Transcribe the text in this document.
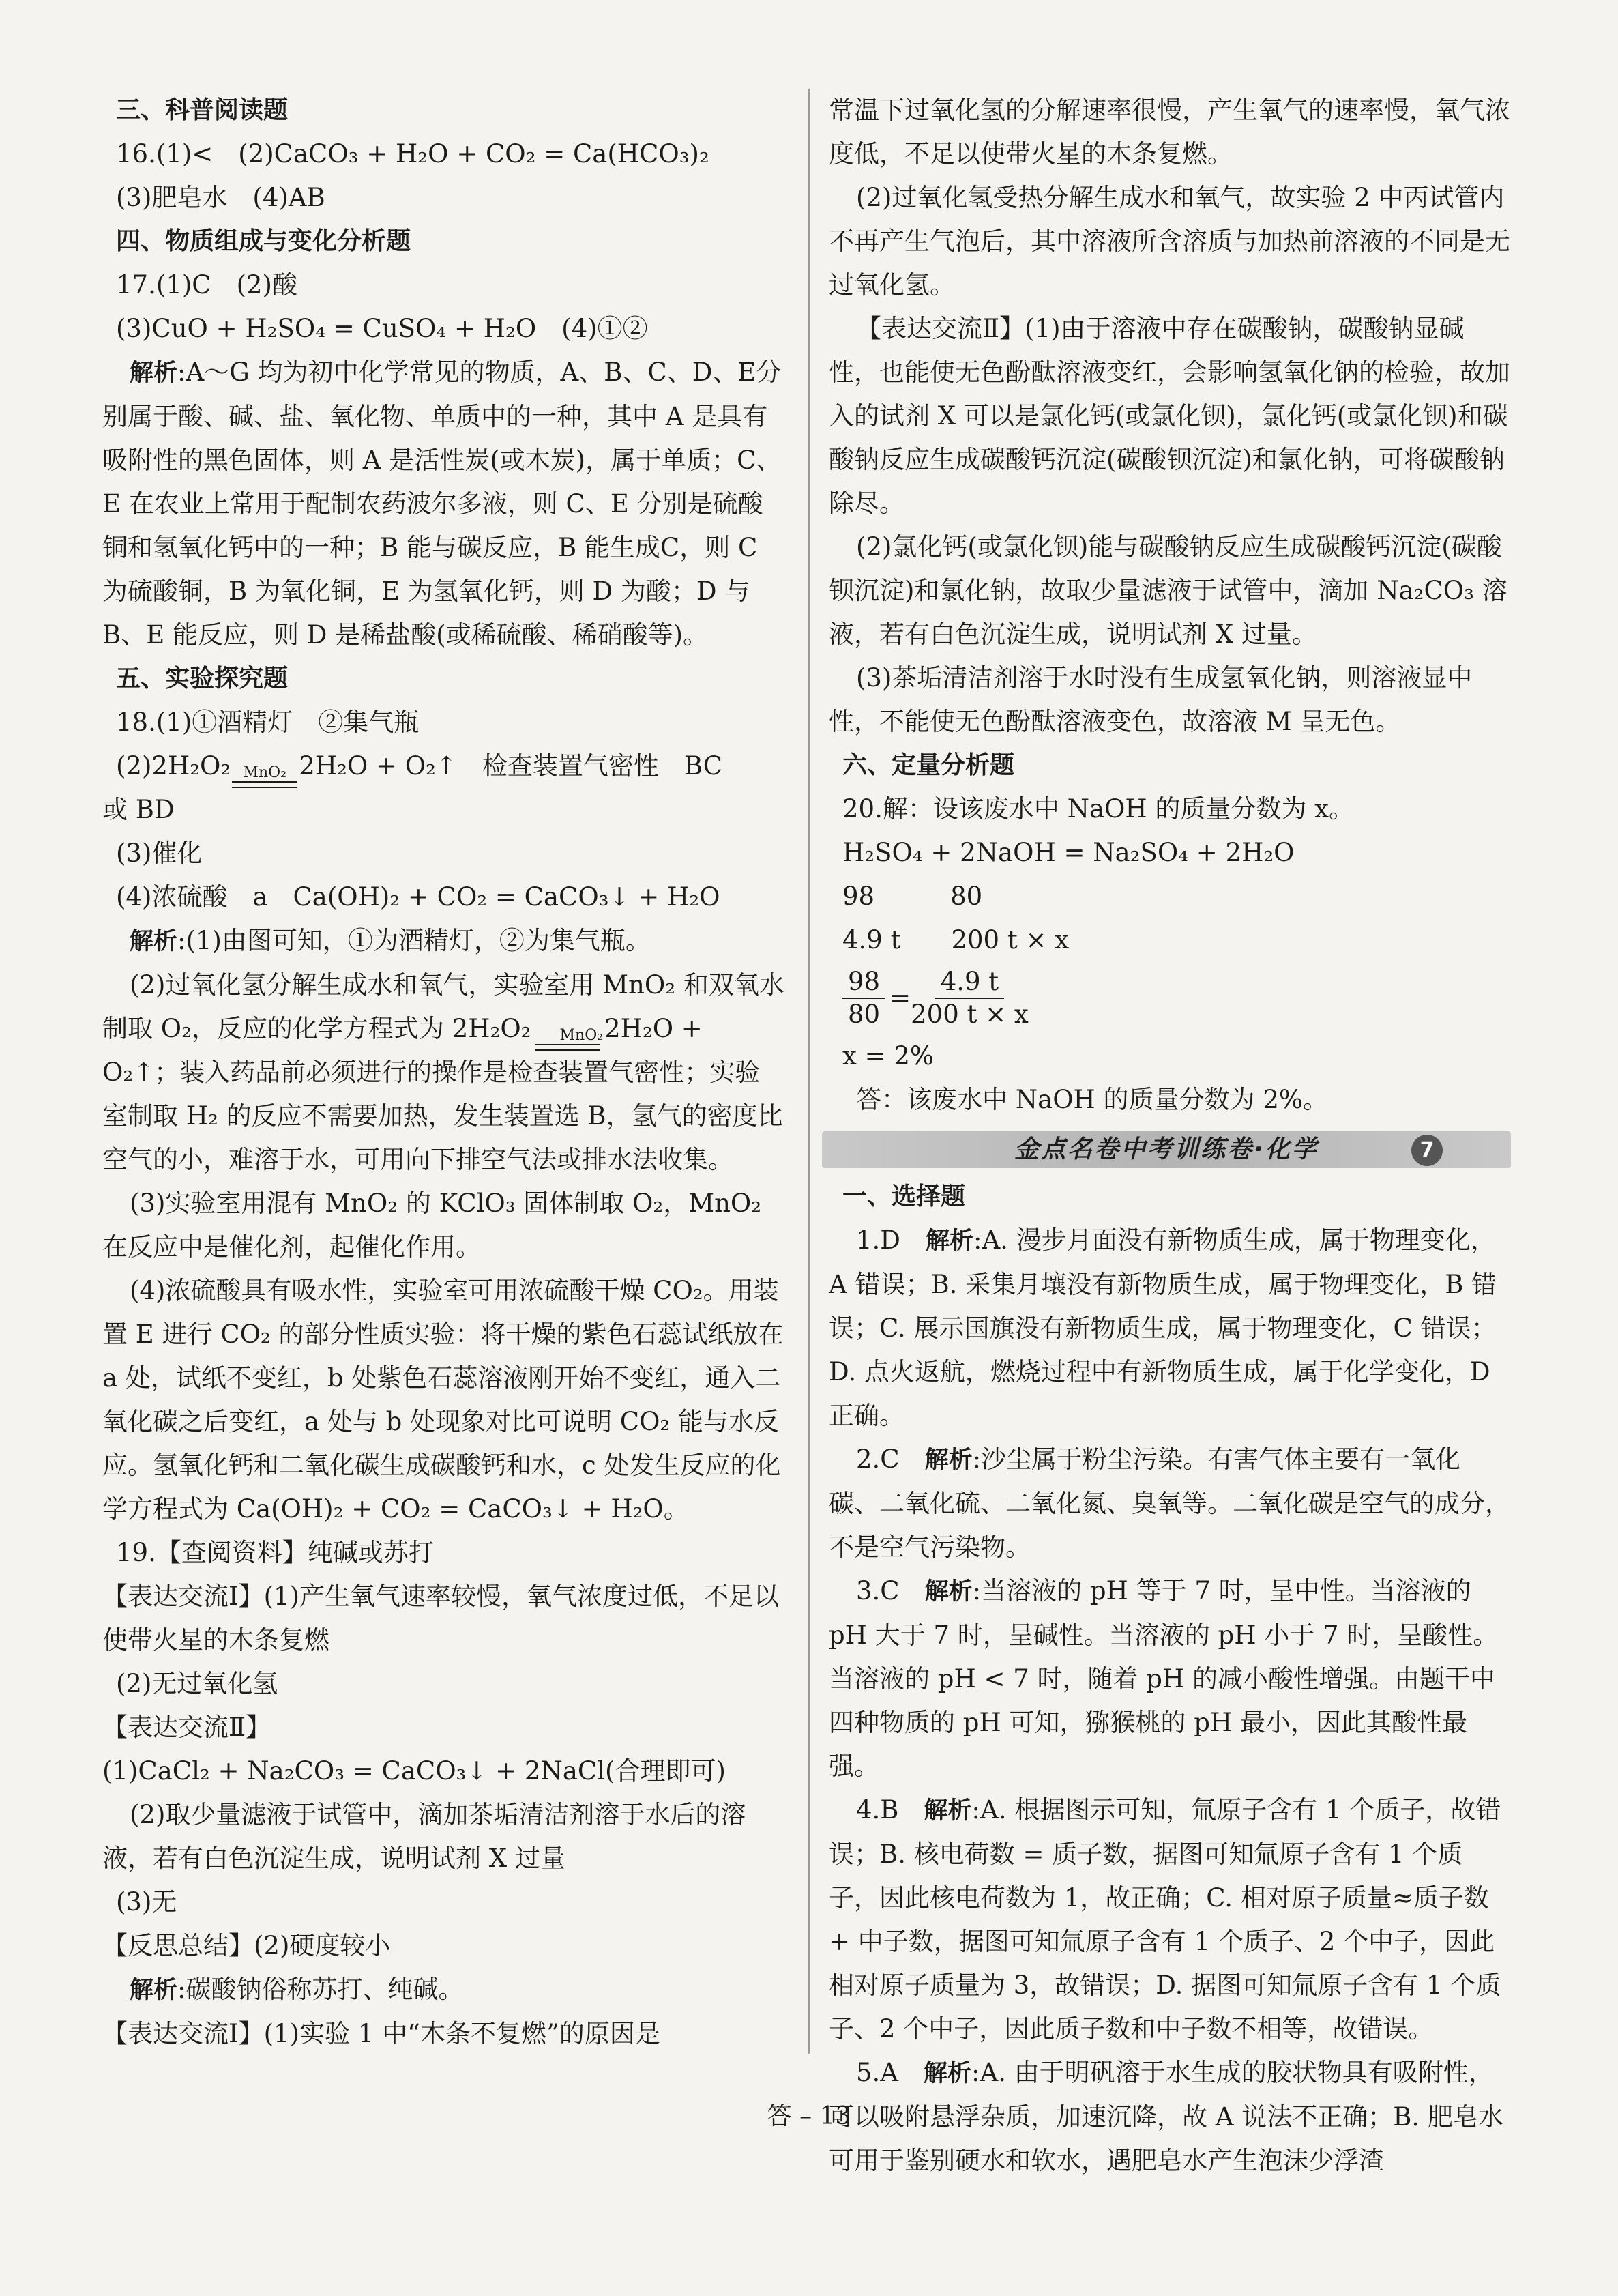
三、科普阅读题

16.(1)<　(2)CaCO₃ + H₂O + CO₂ = Ca(HCO₃)₂

(3)肥皂水　(4)AB

四、物质组成与变化分析题

17.(1)C　(2)酸

(3)CuO + H₂SO₄ = CuSO₄ + H₂O　(4)①②

解析:A～G 均为初中化学常见的物质，A、B、C、D、E分别属于酸、碱、盐、氧化物、单质中的一种，其中 A 是具有吸附性的黑色固体，则 A 是活性炭(或木炭)，属于单质；C、E 在农业上常用于配制农药波尔多液，则 C、E 分别是硫酸铜和氢氧化钙中的一种；B 能与碳反应，B 能生成C，则 C 为硫酸铜，B 为氧化铜，E 为氢氧化钙，则 D 为酸；D 与 B、E 能反应，则 D 是稀盐酸(或稀硫酸、稀硝酸等)。

五、实验探究题

18.(1)①酒精灯　②集气瓶

(2)2H₂O₂ MnO₂ 2H₂O + O₂↑　检查装置气密性　BC

或 BD

(3)催化

(4)浓硫酸　a　Ca(OH)₂ + CO₂ = CaCO₃↓ + H₂O

解析:(1)由图可知，①为酒精灯，②为集气瓶。

(2)过氧化氢分解生成水和氧气，实验室用 MnO₂ 和双氧水制取 O₂，反应的化学方程式为 2H₂O₂	MnO₂ 2H₂O + O₂↑；装入药品前必须进行的操作是检查装置气密性；实验室制取 H₂ 的反应不需要加热，发生装置选 B，氢气的密度比空气的小，难溶于水，可用向下排空气法或排水法收集。

(3)实验室用混有 MnO₂ 的 KClO₃ 固体制取 O₂，MnO₂ 在反应中是催化剂，起催化作用。

(4)浓硫酸具有吸水性，实验室可用浓硫酸干燥 CO₂。用装置 E 进行 CO₂ 的部分性质实验：将干燥的紫色石蕊试纸放在 a 处，试纸不变红，b 处紫色石蕊溶液刚开始不变红，通入二氧化碳之后变红，a 处与 b 处现象对比可说明 CO₂ 能与水反应。氢氧化钙和二氧化碳生成碳酸钙和水，c 处发生反应的化学方程式为 Ca(OH)₂ + CO₂ = CaCO₃↓ + H₂O。

19.【查阅资料】纯碱或苏打

【表达交流Ⅰ】(1)产生氧气速率较慢，氧气浓度过低，不足以使带火星的木条复燃

(2)无过氧化氢

【表达交流Ⅱ】

(1)CaCl₂ + Na₂CO₃ = CaCO₃↓ + 2NaCl(合理即可)

(2)取少量滤液于试管中，滴加茶垢清洁剂溶于水后的溶液，若有白色沉淀生成，说明试剂 X 过量

(3)无

【反思总结】(2)硬度较小

解析:碳酸钠俗称苏打、纯碱。

【表达交流Ⅰ】(1)实验 1 中“木条不复燃”的原因是

常温下过氧化氢的分解速率很慢，产生氧气的速率慢，氧气浓度低，不足以使带火星的木条复燃。

(2)过氧化氢受热分解生成水和氧气，故实验 2 中丙试管内不再产生气泡后，其中溶液所含溶质与加热前溶液的不同是无过氧化氢。

【表达交流Ⅱ】(1)由于溶液中存在碳酸钠，碳酸钠显碱性，也能使无色酚酞溶液变红，会影响氢氧化钠的检验，故加入的试剂 X 可以是氯化钙(或氯化钡)，氯化钙(或氯化钡)和碳酸钠反应生成碳酸钙沉淀(碳酸钡沉淀)和氯化钠，可将碳酸钠除尽。

(2)氯化钙(或氯化钡)能与碳酸钠反应生成碳酸钙沉淀(碳酸钡沉淀)和氯化钠，故取少量滤液于试管中，滴加 Na₂CO₃ 溶液，若有白色沉淀生成，说明试剂 X 过量。

(3)茶垢清洁剂溶于水时没有生成氢氧化钠，则溶液显中性，不能使无色酚酞溶液变色，故溶液 M 呈无色。

六、定量分析题

20.解：设该废水中 NaOH 的质量分数为 x。

H₂SO₄ + 2NaOH = Na₂SO₄ + 2H₂O

98　　　80

4.9 t　　200 t × x

$\frac{98}{80} = \frac{4.9 t}{200 t \times x}$

x = 2%

答：该废水中 NaOH 的质量分数为 2%。

金点名卷中考训练卷·化学	7

一、选择题

1.D　解析:A. 漫步月面没有新物质生成，属于物理变化，A 错误；B. 采集月壤没有新物质生成，属于物理变化，B 错误；C. 展示国旗没有新物质生成，属于物理变化，C 错误；D. 点火返航，燃烧过程中有新物质生成，属于化学变化，D 正确。

2.C　解析:沙尘属于粉尘污染。有害气体主要有一氧化碳、二氧化硫、二氧化氮、臭氧等。二氧化碳是空气的成分，不是空气污染物。

3.C　解析:当溶液的 pH 等于 7 时，呈中性。当溶液的 pH 大于 7 时，呈碱性。当溶液的 pH 小于 7 时，呈酸性。当溶液的 pH < 7 时，随着 pH 的减小酸性增强。由题干中四种物质的 pH 可知，猕猴桃的 pH 最小，因此其酸性最强。

4.B　解析:A. 根据图示可知，氚原子含有 1 个质子，故错误；B. 核电荷数 = 质子数，据图可知氚原子含有 1 个质子，因此核电荷数为 1，故正确；C. 相对原子质量≈质子数 + 中子数，据图可知氚原子含有 1 个质子、2 个中子，因此相对原子质量为 3，故错误；D. 据图可知氚原子含有 1 个质子、2 个中子，因此质子数和中子数不相等，故错误。

5.A　解析:A. 由于明矾溶于水生成的胶状物具有吸附性，可以吸附悬浮杂质，加速沉降，故 A 说法不正确；B. 肥皂水可用于鉴别硬水和软水，遇肥皂水产生泡沫少浮渣

答 – 13
